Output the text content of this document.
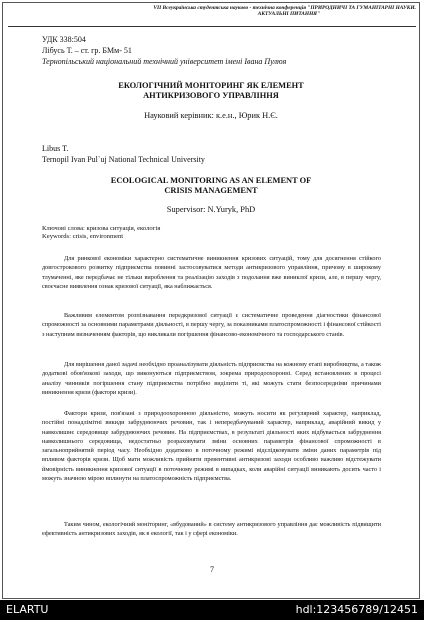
VIІ Всеукраїнська студентська науково - технічна конференція "ПРИРОДНИЧІ ТА ГУМАНІТАРНІ НАУКИ.
АКТУАЛЬНІ ПИТАННЯ"
УДК 338:504
Лібусь Т. – ст. гр. БМм- 51
Тернопільський національний технічний університет імені Івана Пулюя
ЕКОЛОГІЧНИЙ МОНІТОРИНГ ЯК ЕЛЕМЕНТ
АНТИКРИЗОВОГО УПРАВЛІННЯ
Науковий керівник: к.е.н., Юрик Н.Є.
Libus T.
Ternopil Ivan Pul`uj National Technical University
ECOLOGICAL MONITORING AS AN ELEMENT OF
CRISIS MANAGEMENT
Supervisor: N.Yuryk, PhD
Ключові слова: кризова ситуація, екологія
Keywords: crisis, environment
Для ринкової економіки характерно систематичне виникнення кризових ситуацій, тому для досягнення стійкого довгострокового розвитку підприємства повинні застосовуватися методи антикризового управління, причому в широкому тлумаченні, яке передбачає не тільки вироблення та реалізацію заходів з подолання вже виниклої кризи, але, в першу чергу, своєчасне виявлення ознак кризової ситуації, яка наближається.
Важливим елементом розпізнавання передкризової ситуації є систематичне проведення діагностики фінансової спроможності за основними параметрами діяльності, в першу чергу, за показниками платоспроможності і фінансової стійкості з наступним визначенням факторів, що викликали погіршення фінансово-економічного та господарського станів.
Для вирішення даної задачі необхідно проаналізувати діяльність підприємства на кожному етапі виробництва, а також додаткові обов'язкові заходи, що виконуються підприємством, зокрема природоохоронні. Серед встановлених в процесі аналізу чинників погіршення стану підприємства потрібно виділити ті, які можуть стати безпосередніми причинами виникнення кризи (фактори кризи).
Фактори кризи, пов'язані з природоохоронною діяльністю, можуть носити як регулярний характер, наприклад, постійні понадлімітні викиди забруднюючих речовин, так і непередбачуваний характер, наприклад, аварійний викид у навколишнє середовище забруднюючих речовин. На підприємствах, в результаті діяльності яких відбувається забруднення навколишнього середовища, недостатньо розраховувати зміни основних параметрів фінансової спроможності в загальноприйнятий період часу. Необхідно додатково в поточному режимі відслідковувати зміни даних параметрів під впливом факторів кризи. Щоб мати можливість прийняти превентивні антикризові заходи особливо важливо відстежувати ймовірність виникнення кризової ситуації в поточному режимі в випадках, коли аварійні ситуації виникають досить часто і можуть значною мірою вплинути на платоспроможність підприємства.
Таким чином, екологічний моніторинг, «вбудований» в систему антикризового управління дає можливість підвищити ефективність антикризових заходів, як в екології, так і у сфері економіки.
7
ELARTU	hdl:123456789/12451
